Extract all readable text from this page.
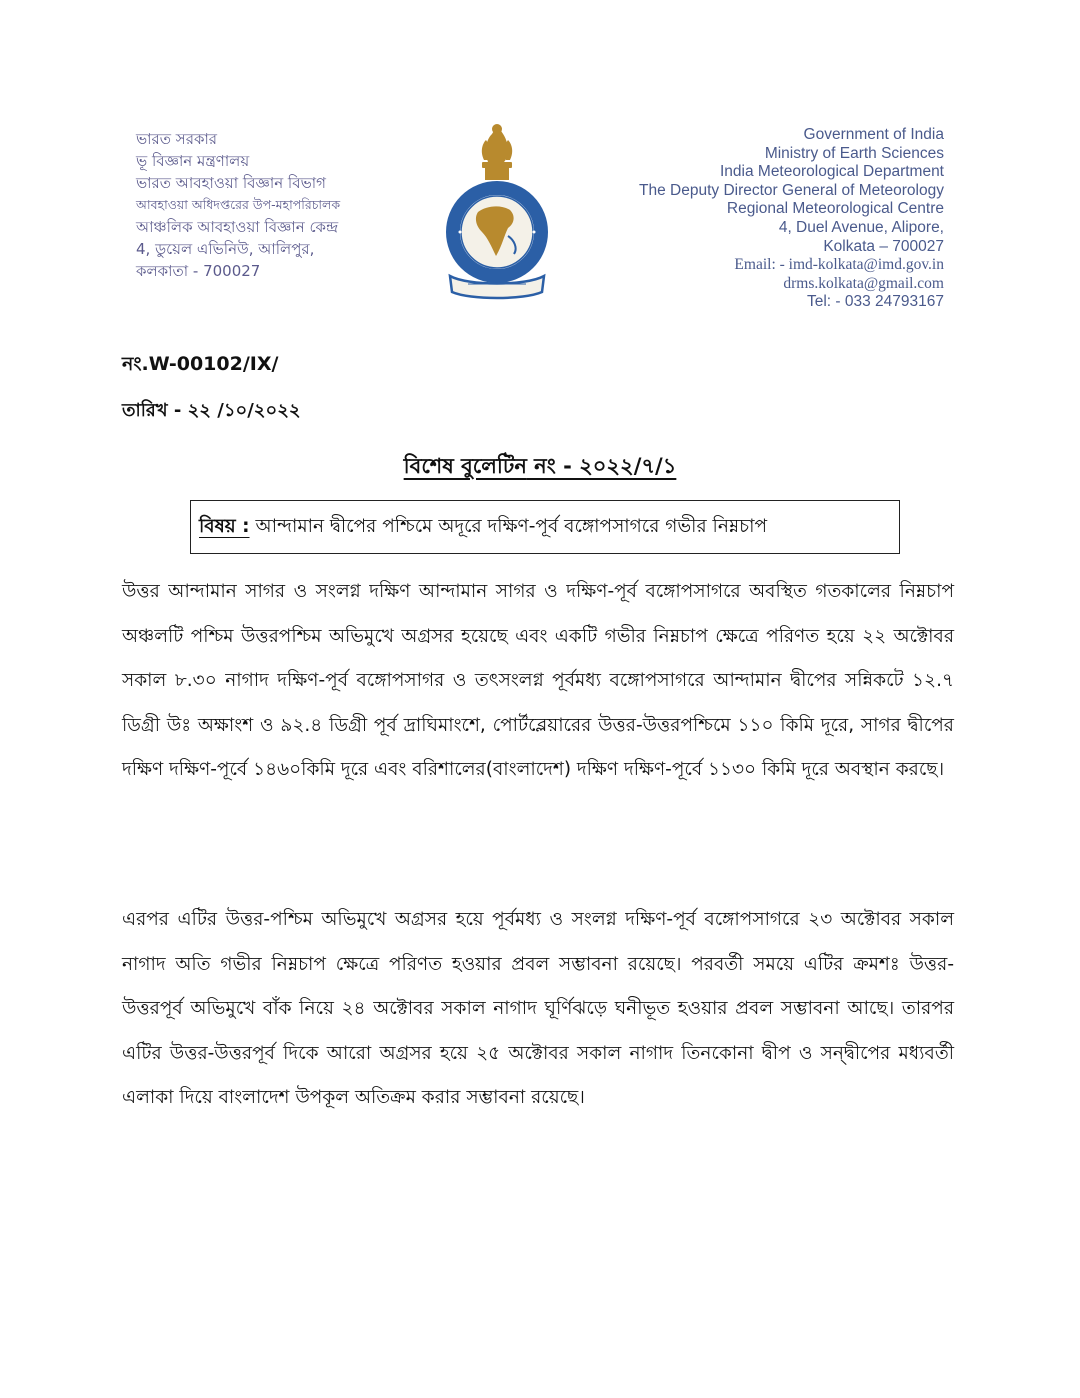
ভারত সরকার
ভূ বিজ্ঞান মন্ত্রণালয়
ভারত আবহাওয়া বিজ্ঞান বিভাগ
আবহাওয়া অধিদপ্তরের উপ-মহাপরিচালক
আঞ্চলিক আবহাওয়া বিজ্ঞান কেন্দ্র
4, ডুয়েল এভিনিউ, আলিপুর,
কলকাতা - 700027
Government of India
Ministry of Earth Sciences
India Meteorological Department
The Deputy Director General of Meteorology
Regional Meteorological Centre
4, Duel Avenue, Alipore,
Kolkata – 700027
Email: - imd-kolkata@imd.gov.in
drms.kolkata@gmail.com
Tel: - 033 24793167
নং.W-00102/IX/
তারিখ - ২২ /১০/২০২২
বিশেষ বুলেটিন নং - ২০২২/৭/১
বিষয় : আন্দামান দ্বীপের পশ্চিমে অদূরে দক্ষিণ-পূর্ব বঙ্গোপসাগরে গভীর নিম্নচাপ
উত্তর আন্দামান সাগর ও সংলগ্ন দক্ষিণ আন্দামান সাগর ও দক্ষিণ-পূর্ব বঙ্গোপসাগরে অবস্থিত গতকালের নিম্নচাপ অঞ্চলটি পশ্চিম উত্তরপশ্চিম অভিমুখে অগ্রসর হয়েছে এবং একটি গভীর নিম্নচাপ ক্ষেত্রে পরিণত হয়ে ২২ অক্টোবর সকাল ৮.৩০ নাগাদ দক্ষিণ-পূর্ব বঙ্গোপসাগর ও তৎসংলগ্ন পূর্বমধ্য বঙ্গোপসাগরে আন্দামান দ্বীপের সন্নিকটে ১২.৭ ডিগ্রী উঃ অক্ষাংশ ও ৯২.৪ ডিগ্রী পূর্ব দ্রাঘিমাংশে, পোর্টব্লেয়ারের উত্তর-উত্তরপশ্চিমে ১১০ কিমি দূরে, সাগর দ্বীপের দক্ষিণ দক্ষিণ-পূর্বে ১৪৬০কিমি দূরে এবং বরিশালের(বাংলাদেশ) দক্ষিণ দক্ষিণ-পূর্বে ১১৩০ কিমি দূরে অবস্থান করছে।
এরপর এটির উত্তর-পশ্চিম অভিমুখে অগ্রসর হয়ে পূর্বমধ্য ও সংলগ্ন দক্ষিণ-পূর্ব বঙ্গোপসাগরে ২৩ অক্টোবর সকাল নাগাদ অতি গভীর নিম্নচাপ ক্ষেত্রে পরিণত হওয়ার প্রবল সম্ভাবনা রয়েছে। পরবর্তী সময়ে এটির ক্রমশঃ উত্তর-উত্তরপূর্ব অভিমুখে বাঁক নিয়ে ২৪ অক্টোবর সকাল নাগাদ ঘূর্ণিঝড়ে ঘনীভূত হওয়ার প্রবল সম্ভাবনা আছে। তারপর এটির উত্তর-উত্তরপূর্ব দিকে আরো অগ্রসর হয়ে ২৫ অক্টোবর সকাল নাগাদ তিনকোনা দ্বীপ ও সন্দ্বীপের মধ্যবর্তী এলাকা দিয়ে বাংলাদেশ উপকূল অতিক্রম করার সম্ভাবনা রয়েছে।
